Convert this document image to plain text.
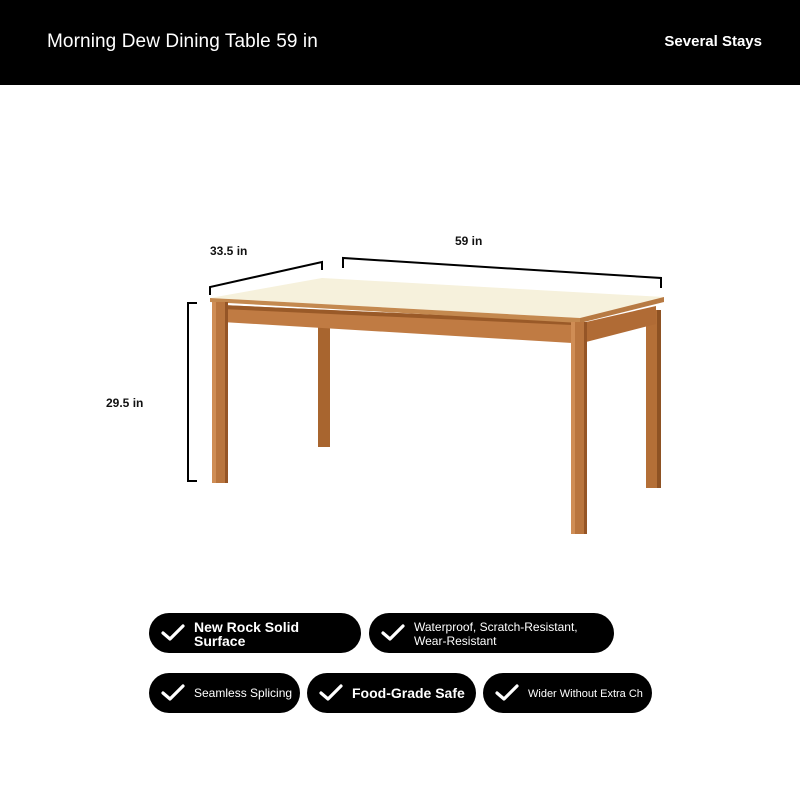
Morning Dew Dining Table 59 in	Several Stays
33.5 in
59 in
29.5 in
New Rock Solid Surface
Waterproof, Scratch-Resistant, Wear-Resistant
Seamless Splicing	Food-Grade Safe	Wider Without Extra Ch
